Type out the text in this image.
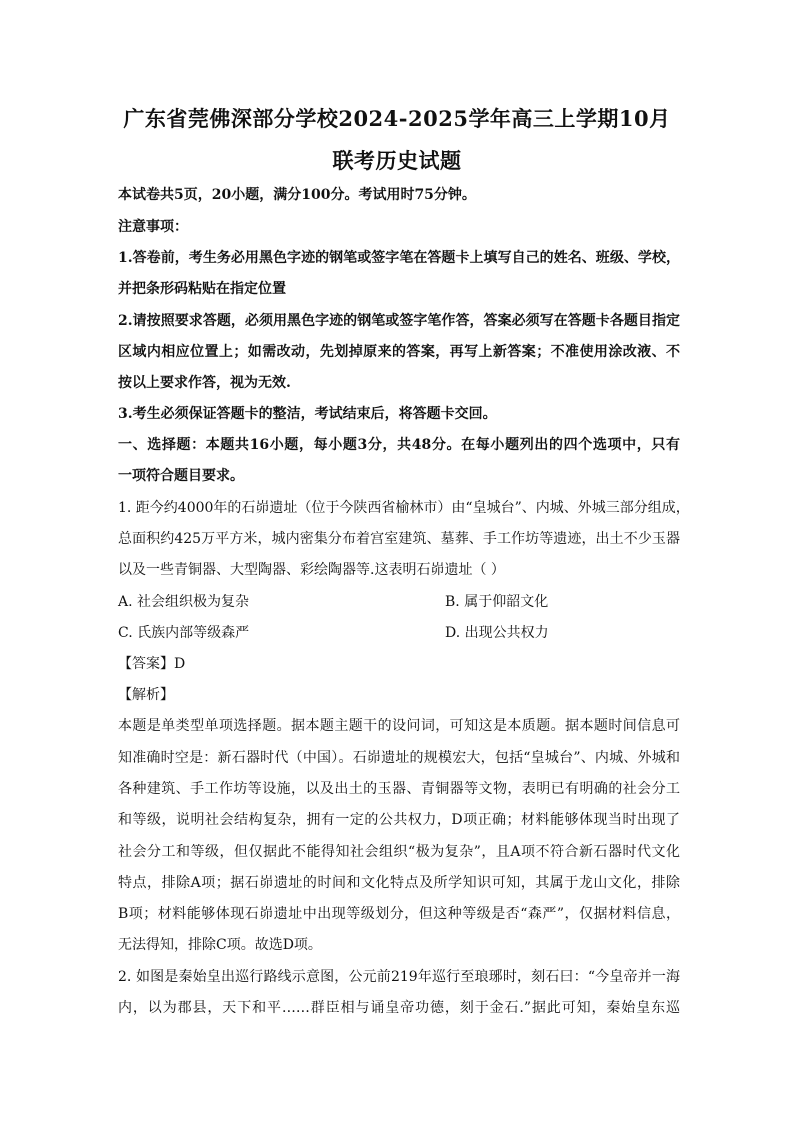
广东省莞佛深部分学校2024-2025学年高三上学期10月
联考历史试题
本试卷共5页，20小题，满分100分。考试用时75分钟。
注意事项：
1.答卷前，考生务必用黑色字迹的钢笔或签字笔在答题卡上填写自己的姓名、班级、学校，
并把条形码粘贴在指定位置
2.请按照要求答题，必须用黑色字迹的钢笔或签字笔作答，答案必须写在答题卡各题目指定
区域内相应位置上；如需改动，先划掉原来的答案，再写上新答案；不准使用涂改液、不
按以上要求作答，视为无效.
3.考生必须保证答题卡的整洁，考试结束后，将答题卡交回。
一、选择题：本题共16小题，每小题3分，共48分。在每小题列出的四个选项中，只有
一项符合题目要求。
1. 距今约4000年的石峁遗址（位于今陕西省榆林市）由“皇城台”、内城、外城三部分组成，
总面积约425万平方米，城内密集分布着宫室建筑、墓葬、手工作坊等遗迹，出土不少玉器
以及一些青铜器、大型陶器、彩绘陶器等.这表明石峁遗址（ ）
A. 社会组织极为复杂	B. 属于仰韶文化
C. 氏族内部等级森严	D. 出现公共权力
【答案】D
【解析】
本题是单类型单项选择题。据本题主题干的设问词，可知这是本质题。据本题时间信息可
知准确时空是：新石器时代（中国）。石峁遗址的规模宏大，包括“皇城台”、内城、外城和
各种建筑、手工作坊等设施，以及出土的玉器、青铜器等文物，表明已有明确的社会分工
和等级，说明社会结构复杂，拥有一定的公共权力，D项正确；材料能够体现当时出现了
社会分工和等级，但仅据此不能得知社会组织“极为复杂”，且A项不符合新石器时代文化
特点，排除A项；据石峁遗址的时间和文化特点及所学知识可知，其属于龙山文化，排除
B项；材料能够体现石峁遗址中出现等级划分，但这种等级是否“森严”，仅据材料信息，
无法得知，排除C项。故选D项。
2. 如图是秦始皇出巡行路线示意图，公元前219年巡行至琅琊时，刻石曰：“今皇帝并一海
内，以为郡县，天下和平……群臣相与诵皇帝功德，刻于金石.”据此可知，秦始皇东巡
